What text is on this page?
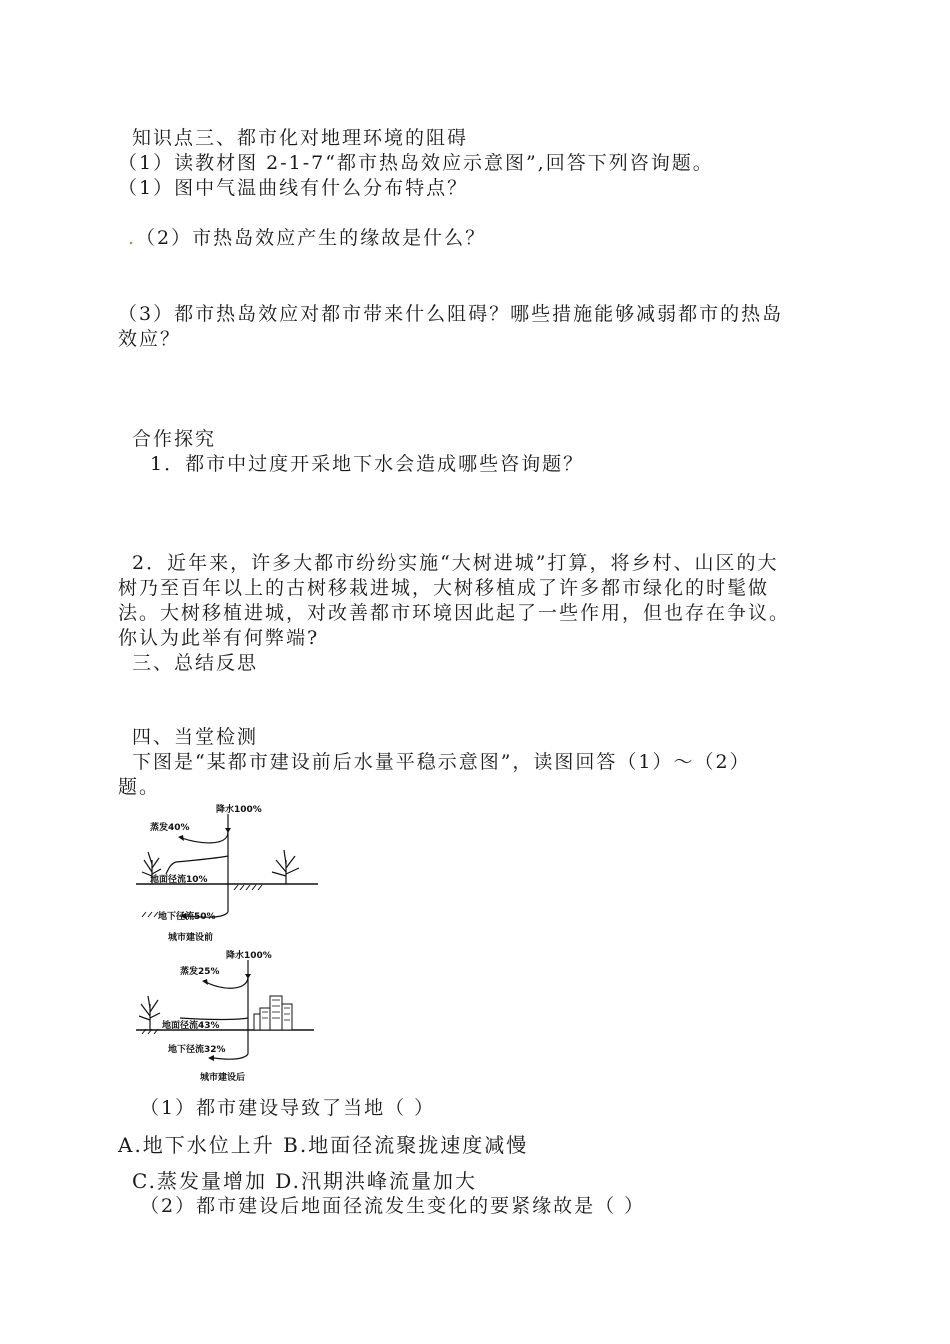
知识点三、都市化对地理环境的阻碍
（1）读教材图 2-1-7“都市热岛效应示意图”,回答下列咨询题。
（1）图中气温曲线有什么分布特点？
.（2）市热岛效应产生的缘故是什么？
（3）都市热岛效应对都市带来什么阻碍？哪些措施能够减弱都市的热岛
效应？
合作探究
1．都市中过度开采地下水会造成哪些咨询题？
2．近年来，许多大都市纷纷实施“大树进城”打算，将乡村、山区的大
树乃至百年以上的古树移栽进城，大树移植成了许多都市绿化的时髦做
法。大树移植进城，对改善都市环境因此起了一些作用，但也存在争议。
你认为此举有何弊端?
三、总结反思
四、当堂检测
下图是“某都市建设前后水量平稳示意图”，读图回答（1）～（2）
题。
降水100%
蒸发40%
地面径流10%
地下径流50%
城市建设前
降水100%
蒸发25%
地面径流43%
地下径流32%
城市建设后
（1）都市建设导致了当地（ ）
A.地下水位上升 B.地面径流聚拢速度减慢
C.蒸发量增加 D.汛期洪峰流量加大
（2）都市建设后地面径流发生变化的要紧缘故是（ ）
